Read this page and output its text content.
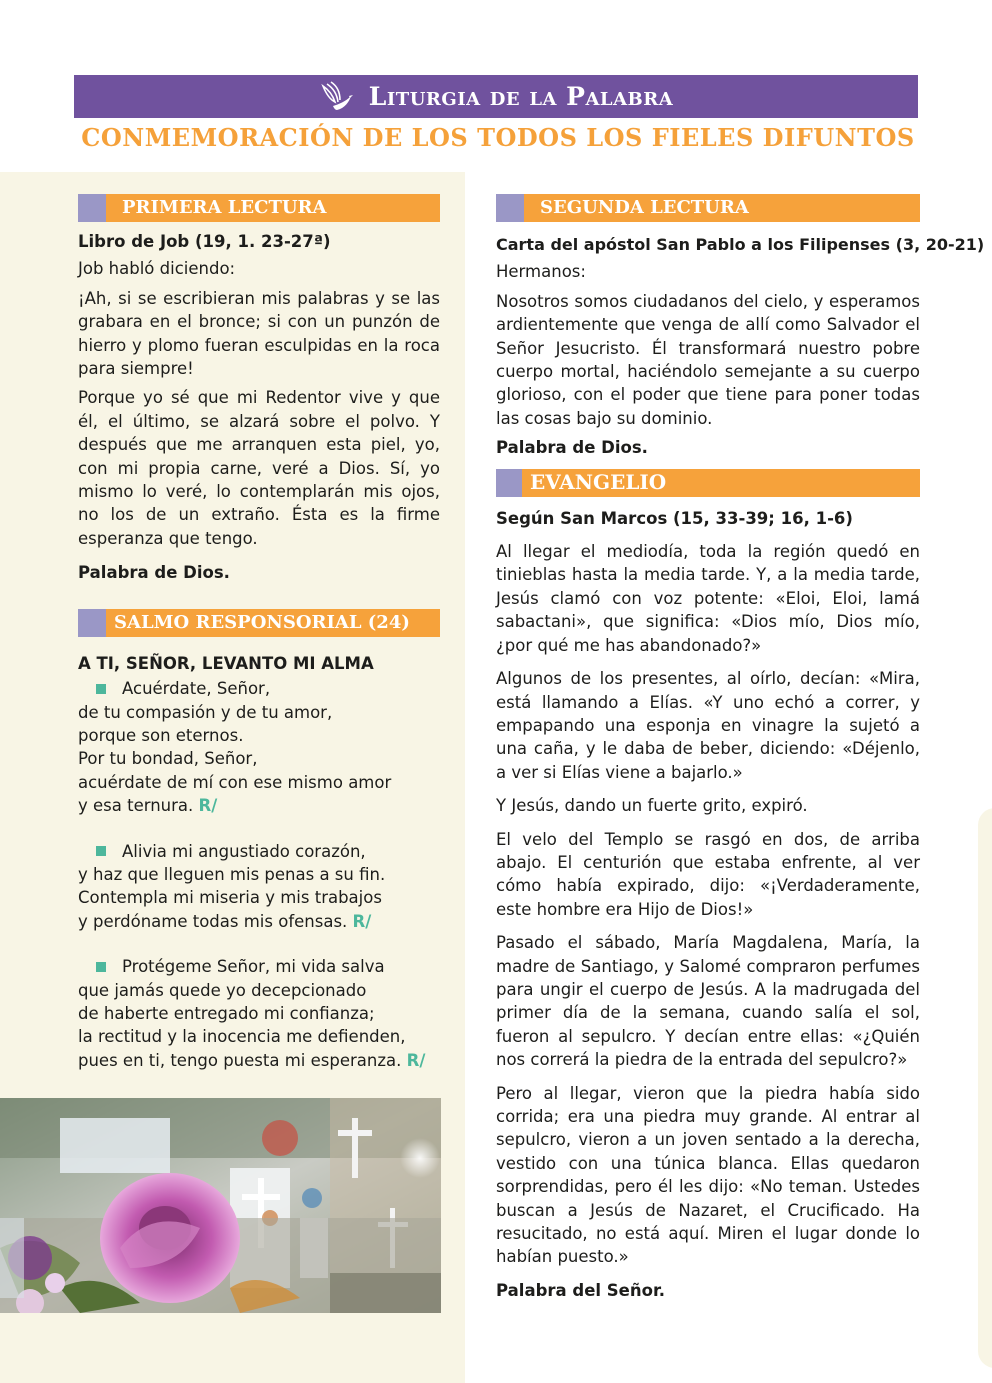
Liturgia de la Palabra
CONMEMORACIÓN DE LOS TODOS LOS FIELES DIFUNTOS
PRIMERA LECTURA

Libro de Job (19, 1. 23-27ª)

Job habló diciendo:

¡Ah, si se escribieran mis palabras y se las grabara en el bronce; si con un punzón de hierro y plomo fueran esculpidas en la roca para siempre!

Porque yo sé que mi Redentor vive y que él, el último, se alzará sobre el polvo. Y después que me arranquen esta piel, yo, con mi propia carne, veré a Dios. Sí, yo mismo lo veré, lo contemplarán mis ojos, no los de un extraño. Ésta es la firme esperanza que tengo.

Palabra de Dios.

SALMO RESPONSORIAL (24)

A TI, SEÑOR, LEVANTO MI ALMA

Acuérdate, Señor,
de tu compasión y de tu amor,
porque son eternos.
Por tu bondad, Señor,
acuérdate de mí con ese mismo amor
y esa ternura. R/
Alivia mi angustiado corazón,
y haz que lleguen mis penas a su fin.
Contempla mi miseria y mis trabajos
y perdóname todas mis ofensas. R/
Protégeme Señor, mi vida salva
que jamás quede yo decepcionado
de haberte entregado mi confianza;
la rectitud y la inocencia me defienden,
pues en ti, tengo puesta mi esperanza. R/
SEGUNDA LECTURA

Carta del apóstol San Pablo a los Filipenses (3, 20-21)

Hermanos:

Nosotros somos ciudadanos del cielo, y esperamos ardientemente que venga de allí como Salvador el Señor Jesucristo. Él transformará nuestro pobre cuerpo mortal, haciéndolo semejante a su cuerpo glorioso, con el poder que tiene para poner todas las cosas bajo su dominio.

Palabra de Dios.

EVANGELIO

Según San Marcos (15, 33-39; 16, 1-6)

Al llegar el mediodía, toda la región quedó en tinieblas hasta la media tarde. Y, a la media tarde, Jesús clamó con voz potente: «Eloi, Eloi, lamá sabactani», que significa: «Dios mío, Dios mío, ¿por qué me has abandonado?»

Algunos de los presentes, al oírlo, decían: «Mira, está llamando a Elías. «Y uno echó a correr, y empapando una esponja en vinagre la sujetó a una caña, y le daba de beber, diciendo: «Déjenlo, a ver si Elías viene a bajarlo.»

Y Jesús, dando un fuerte grito, expiró.

El velo del Templo se rasgó en dos, de arriba abajo. El centurión que estaba enfrente, al ver cómo había expirado, dijo: «¡Verdaderamente, este hombre era Hijo de Dios!»

Pasado el sábado, María Magdalena, María, la madre de Santiago, y Salomé compraron perfumes para ungir el cuerpo de Jesús. A la madrugada del primer día de la semana, cuando salía el sol, fueron al sepulcro. Y decían entre ellas: «¿Quién nos correrá la piedra de la entrada del sepulcro?»

Pero al llegar, vieron que la piedra había sido corrida; era una piedra muy grande. Al entrar al sepulcro, vieron a un joven sentado a la derecha, vestido con una túnica blanca. Ellas quedaron sorprendidas, pero él les dijo: «No teman. Ustedes buscan a Jesús de Nazaret, el Crucificado. Ha resucitado, no está aquí. Miren el lugar donde lo habían puesto.»

Palabra del Señor.
